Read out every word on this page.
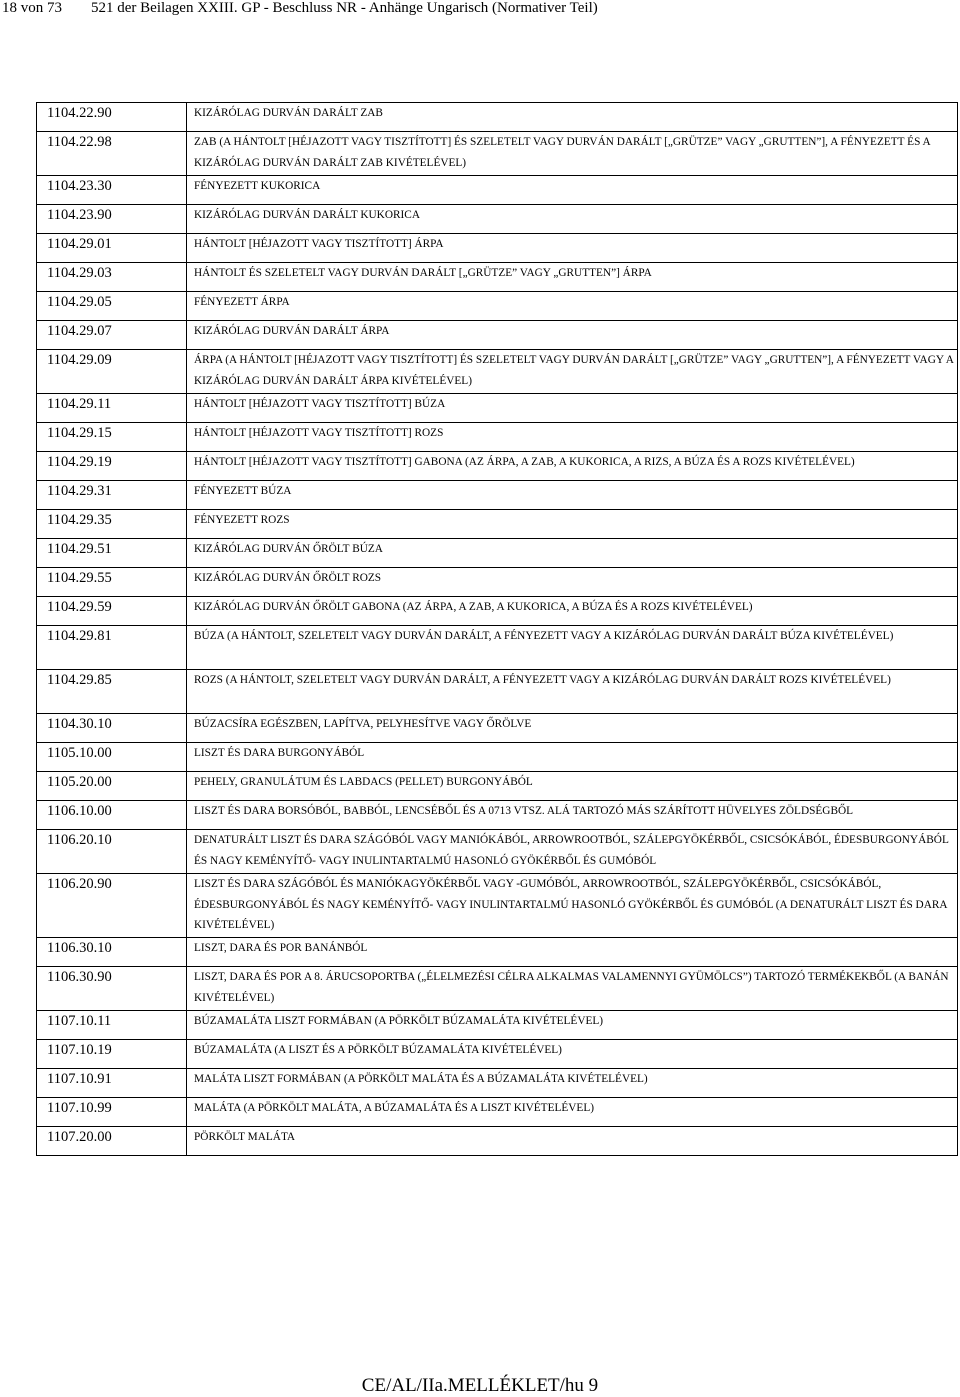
18 von 73 521 der Beilagen XXIII. GP - Beschluss NR - Anhänge Ungarisch (Normativer Teil)
1104.22.90	KIZÁRÓLAG DURVÁN DARÁLT ZAB
1104.22.98	ZAB (A HÁNTOLT [HÉJAZOTT VAGY TISZTÍTOTT] ÉS SZELETELT VAGY DURVÁN DARÁLT [„GRÜTZE” VAGY „GRUTTEN”], A FÉNYEZETT ÉS A KIZÁRÓLAG DURVÁN DARÁLT ZAB KIVÉTELÉVEL)
1104.23.30	FÉNYEZETT KUKORICA
1104.23.90	KIZÁRÓLAG DURVÁN DARÁLT KUKORICA
1104.29.01	HÁNTOLT [HÉJAZOTT VAGY TISZTÍTOTT] ÁRPA
1104.29.03	HÁNTOLT ÉS SZELETELT VAGY DURVÁN DARÁLT [„GRÜTZE” VAGY „GRUTTEN”] ÁRPA
1104.29.05	FÉNYEZETT ÁRPA
1104.29.07	KIZÁRÓLAG DURVÁN DARÁLT ÁRPA
1104.29.09	ÁRPA (A HÁNTOLT [HÉJAZOTT VAGY TISZTÍTOTT] ÉS SZELETELT VAGY DURVÁN DARÁLT [„GRÜTZE” VAGY „GRUTTEN”], A FÉNYEZETT VAGY A KIZÁRÓLAG DURVÁN DARÁLT ÁRPA KIVÉTELÉVEL)
1104.29.11	HÁNTOLT [HÉJAZOTT VAGY TISZTÍTOTT] BÚZA
1104.29.15	HÁNTOLT [HÉJAZOTT VAGY TISZTÍTOTT] ROZS
1104.29.19	HÁNTOLT [HÉJAZOTT VAGY TISZTÍTOTT] GABONA (AZ ÁRPA, A ZAB, A KUKORICA, A RIZS, A BÚZA ÉS A ROZS KIVÉTELÉVEL)
1104.29.31	FÉNYEZETT BÚZA
1104.29.35	FÉNYEZETT ROZS
1104.29.51	KIZÁRÓLAG DURVÁN ŐRÖLT BÚZA
1104.29.55	KIZÁRÓLAG DURVÁN ŐRÖLT ROZS
1104.29.59	KIZÁRÓLAG DURVÁN ŐRÖLT GABONA (AZ ÁRPA, A ZAB, A KUKORICA, A BÚZA ÉS A ROZS KIVÉTELÉVEL)
1104.29.81	BÚZA (A HÁNTOLT, SZELETELT VAGY DURVÁN DARÁLT, A FÉNYEZETT VAGY A KIZÁRÓLAG DURVÁN DARÁLT BÚZA KIVÉTELÉVEL)
1104.29.85	ROZS (A HÁNTOLT, SZELETELT VAGY DURVÁN DARÁLT, A FÉNYEZETT VAGY A KIZÁRÓLAG DURVÁN DARÁLT ROZS KIVÉTELÉVEL)
1104.30.10	BÚZACSÍRA EGÉSZBEN, LAPÍTVA, PELYHESÍTVE VAGY ŐRÖLVE
1105.10.00	LISZT ÉS DARA BURGONYÁBÓL
1105.20.00	PEHELY, GRANULÁTUM ÉS LABDACS (PELLET) BURGONYÁBÓL
1106.10.00	LISZT ÉS DARA BORSÓBÓL, BABBÓL, LENCSÉBŐL ÉS A 0713 VTSZ. ALÁ TARTOZÓ MÁS SZÁRÍTOTT HÜVELYES ZÖLDSÉGBŐL
1106.20.10	DENATURÁLT LISZT ÉS DARA SZÁGÓBÓL VAGY MANIÓKÁBÓL, ARROWROOTBÓL, SZÁLEPGYÖKÉRBŐL, CSICSÓKÁBÓL, ÉDESBURGONYÁBÓL ÉS NAGY KEMÉNYÍTŐ- VAGY INULINTARTALMÚ HASONLÓ GYÖKÉRBŐL ÉS GUMÓBÓL
1106.20.90	LISZT ÉS DARA SZÁGÓBÓL ÉS MANIÓKAGYÖKÉRBŐL VAGY -GUMÓBÓL, ARROWROOTBÓL, SZÁLEPGYÖKÉRBŐL, CSICSÓKÁBÓL, ÉDESBURGONYÁBÓL ÉS NAGY KEMÉNYÍTŐ- VAGY INULINTARTALMÚ HASONLÓ GYÖKÉRBŐL ÉS GUMÓBÓL (A DENATURÁLT LISZT ÉS DARA KIVÉTELÉVEL)
1106.30.10	LISZT, DARA ÉS POR BANÁNBÓL
1106.30.90	LISZT, DARA ÉS POR A 8. ÁRUCSOPORTBA („ÉLELMEZÉSI CÉLRA ALKALMAS VALAMENNYI GYÜMÖLCS”) TARTOZÓ TERMÉKEKBŐL (A BANÁN KIVÉTELÉVEL)
1107.10.11	BÚZAMALÁTA LISZT FORMÁBAN (A PÖRKÖLT BÚZAMALÁTA KIVÉTELÉVEL)
1107.10.19	BÚZAMALÁTA (A LISZT ÉS A PÖRKÖLT BÚZAMALÁTA KIVÉTELÉVEL)
1107.10.91	MALÁTA LISZT FORMÁBAN (A PÖRKÖLT MALÁTA ÉS A BÚZAMALÁTA KIVÉTELÉVEL)
1107.10.99	MALÁTA (A PÖRKÖLT MALÁTA, A BÚZAMALÁTA ÉS A LISZT KIVÉTELÉVEL)
1107.20.00	PÖRKÖLT MALÁTA
CE/AL/IIa.MELLÉKLET/hu 9
